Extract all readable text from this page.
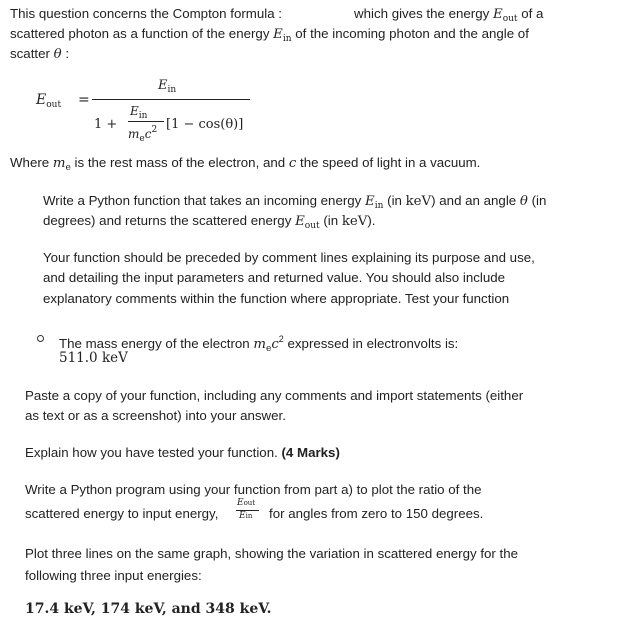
This question concerns the Compton formula :	which gives the energy $E_{out}$ of a
scattered photon as a function of the energy $E_{in}$ of the incoming photon and the angle of
scatter θ :
$E_{out}$ =
$E_{in}$
1 +
$E_{in}$
$m_ec^2$ [1 − cos(θ)]
Where $m_e$ is the rest mass of the electron, and c the speed of light in a vacuum.
Write a Python function that takes an incoming energy $E_{in}$ (in keV) and an angle θ (in
degrees) and returns the scattered energy $E_{out}$ (in keV).
Your function should be preceded by comment lines explaining its purpose and use,
and detailing the input parameters and returned value. You should also include
explanatory comments within the function where appropriate. Test your function
The mass energy of the electron $m_ec^2$ expressed in electronvolts is:
511.0 keV
Paste a copy of your function, including any comments and import statements (either
as text or as a screenshot) into your answer.
Explain how you have tested your function. (4 Marks)
Write a Python program using your function from part a) to plot the ratio of the
scattered energy to input energy,
Eout
Ein for angles from zero to 150 degrees.
Plot three lines on the same graph, showing the variation in scattered energy for the
following three input energies:
17.4 keV, 174 keV, and 348 keV.
